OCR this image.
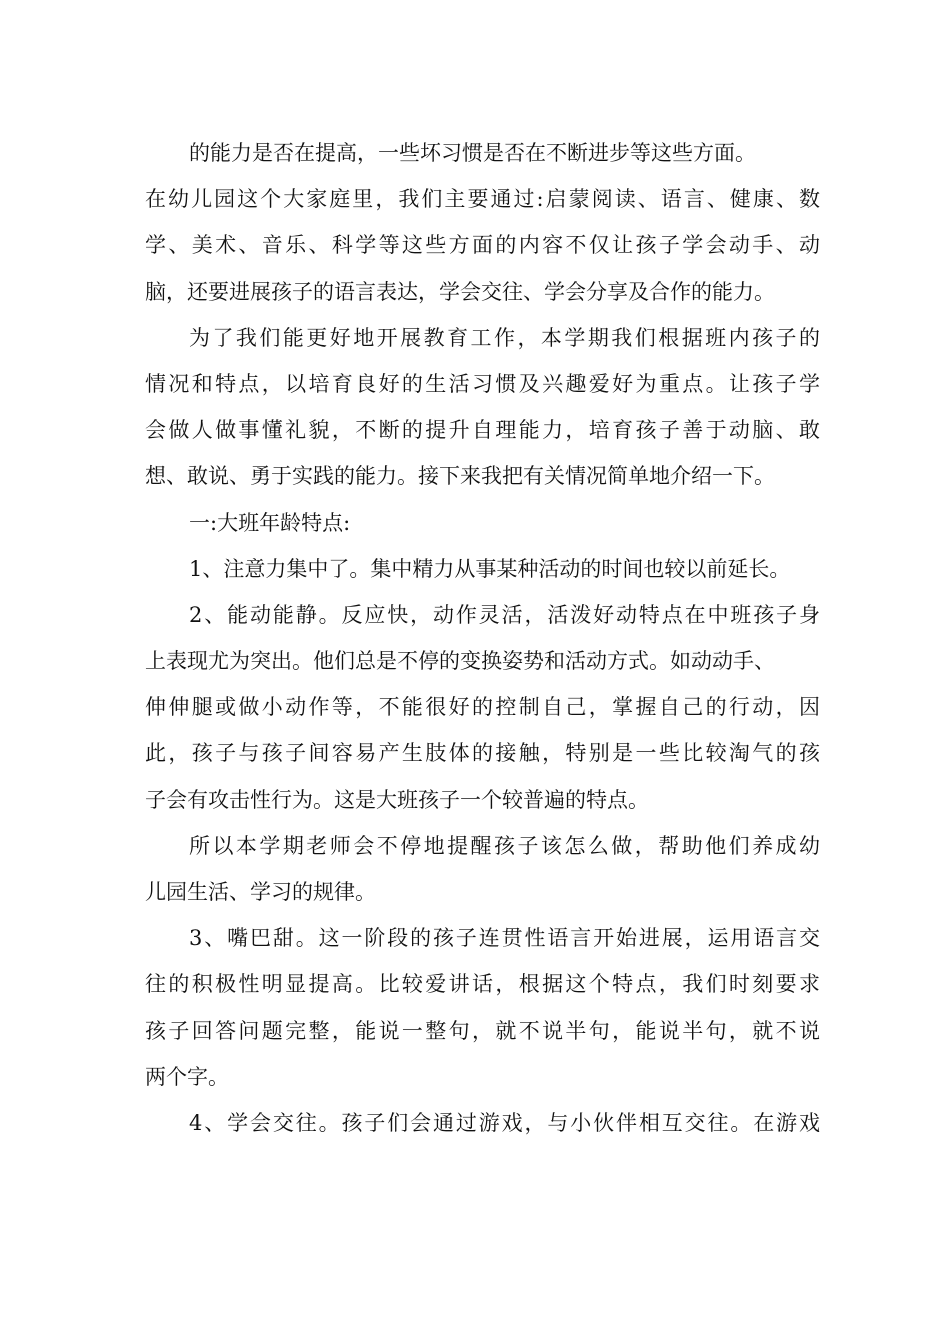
的能力是否在提高，一些坏习惯是否在不断进步等这些方面。
在幼儿园这个大家庭里，我们主要通过:启蒙阅读、语言、健康、数
学、美术、音乐、科学等这些方面的内容不仅让孩子学会动手、动
脑，还要进展孩子的语言表达，学会交往、学会分享及合作的能力。
为了我们能更好地开展教育工作，本学期我们根据班内孩子的
情况和特点，以培育良好的生活习惯及兴趣爱好为重点。让孩子学
会做人做事懂礼貌，不断的提升自理能力，培育孩子善于动脑、敢
想、敢说、勇于实践的能力。接下来我把有关情况简单地介绍一下。
一:大班年龄特点:
1、注意力集中了。集中精力从事某种活动的时间也较以前延长。
2、能动能静。反应快，动作灵活，活泼好动特点在中班孩子身
上表现尤为突出。他们总是不停的变换姿势和活动方式。如动动手、
伸伸腿或做小动作等，不能很好的控制自己，掌握自己的行动，因
此，孩子与孩子间容易产生肢体的接触，特别是一些比较淘气的孩
子会有攻击性行为。这是大班孩子一个较普遍的特点。
所以本学期老师会不停地提醒孩子该怎么做，帮助他们养成幼
儿园生活、学习的规律。
3、嘴巴甜。这一阶段的孩子连贯性语言开始进展，运用语言交
往的积极性明显提高。比较爱讲话，根据这个特点，我们时刻要求
孩子回答问题完整，能说一整句，就不说半句，能说半句，就不说
两个字。
4、学会交往。孩子们会通过游戏，与小伙伴相互交往。在游戏
